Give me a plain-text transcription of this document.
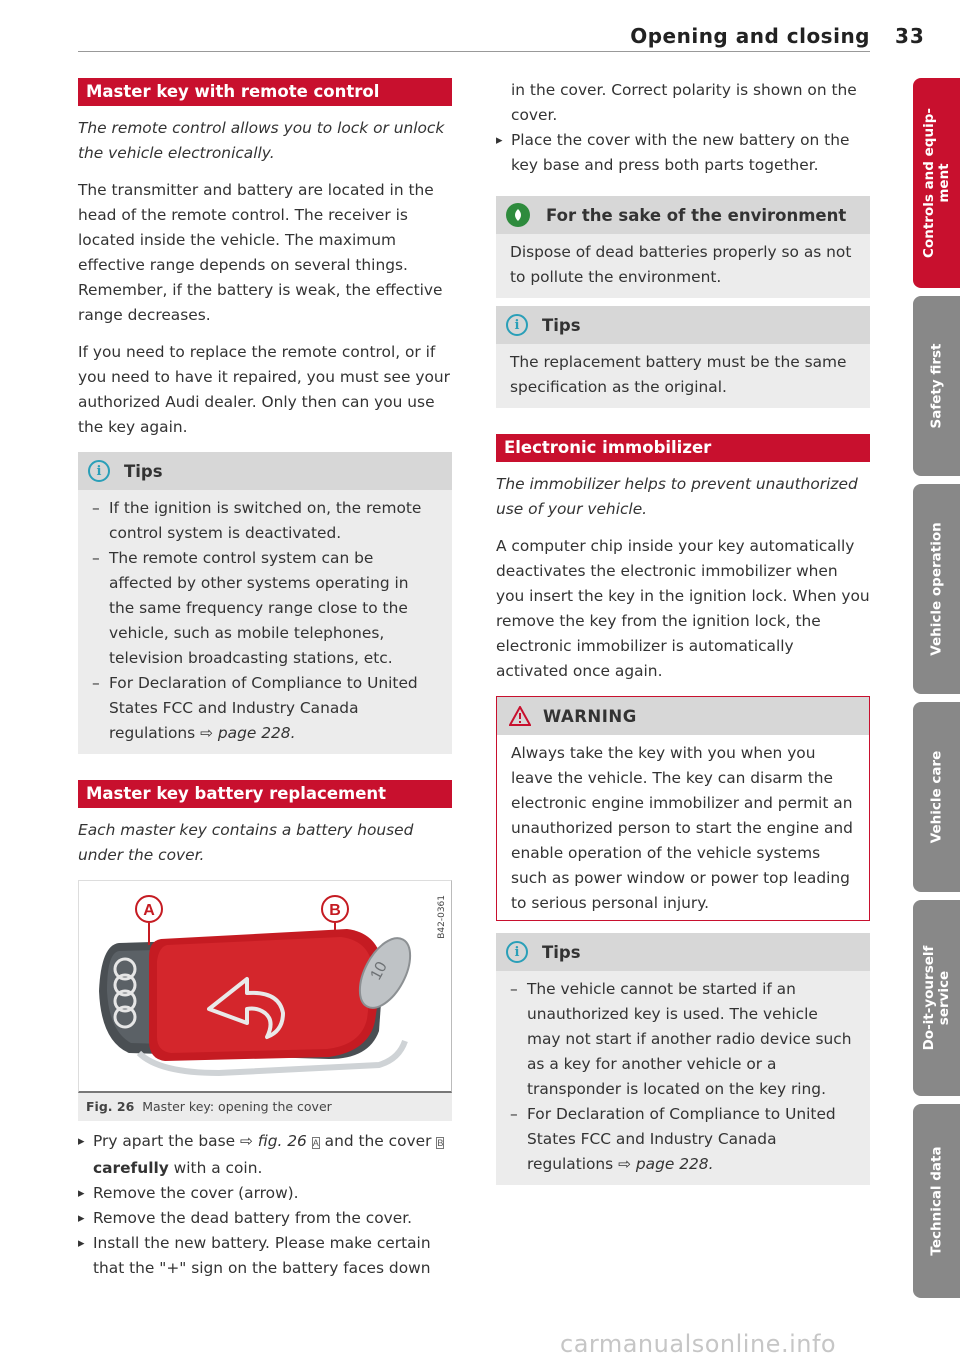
Opening and closing 33
Master key with remote control
The remote control allows you to lock or unlock the vehicle electronically.

The transmitter and battery are located in the head of the remote control. The receiver is located inside the vehicle. The maximum effective range depends on several things. Remember, if the battery is weak, the effective range decreases.

If you need to replace the remote control, or if you need to have it repaired, you must see your authorized Audi dealer. Only then can you use the key again.

i	Tips
– If the ignition is switched on, the remote control system is deactivated.
– The remote control system can be affected by other systems operating in the same frequency range close to the vehicle, such as mobile telephones, television broadcasting stations, etc.
– For Declaration of Compliance to United States FCC and Industry Canada regulations ⇨ page 228.
Master key battery replacement
Each master key contains a battery housed under the cover.
10
A	B	B42-0361
Fig. 26 Master key: opening the cover
▸ Pry apart the base ⇨ fig. 26 A and the cover B carefully with a coin.
▸ Remove the cover (arrow).
▸ Remove the dead battery from the cover.
▸ Install the new battery. Please make certain that the "+" sign on the battery faces down
in the cover. Correct polarity is shown on the cover.
▸ Place the cover with the new battery on the key base and press both parts together.
For the sake of the environment
Dispose of dead batteries properly so as not to pollute the environment.
i	Tips
The replacement battery must be the same specification as the original.
Electronic immobilizer
The immobilizer helps to prevent unauthorized use of your vehicle.

A computer chip inside your key automatically deactivates the electronic immobilizer when you insert the key in the ignition lock. When you remove the key from the ignition lock, the electronic immobilizer is automatically activated once again.

WARNING
Always take the key with you when you leave the vehicle. The key can disarm the electronic engine immobilizer and permit an unauthorized person to start the engine and enable operation of the vehicle systems such as power window or power top leading to serious personal injury.
i	Tips
– The vehicle cannot be started if an unauthorized key is used. The vehicle may not start if another radio device such as a key for another vehicle or a transponder is located on the key ring.
– For Declaration of Compliance to United States FCC and Industry Canada regulations ⇨ page 228.
Controls and equip-
ment
Safety first
Vehicle operation
Vehicle care
Do-it-yourself
service
Technical data
carmanualsonline.info
